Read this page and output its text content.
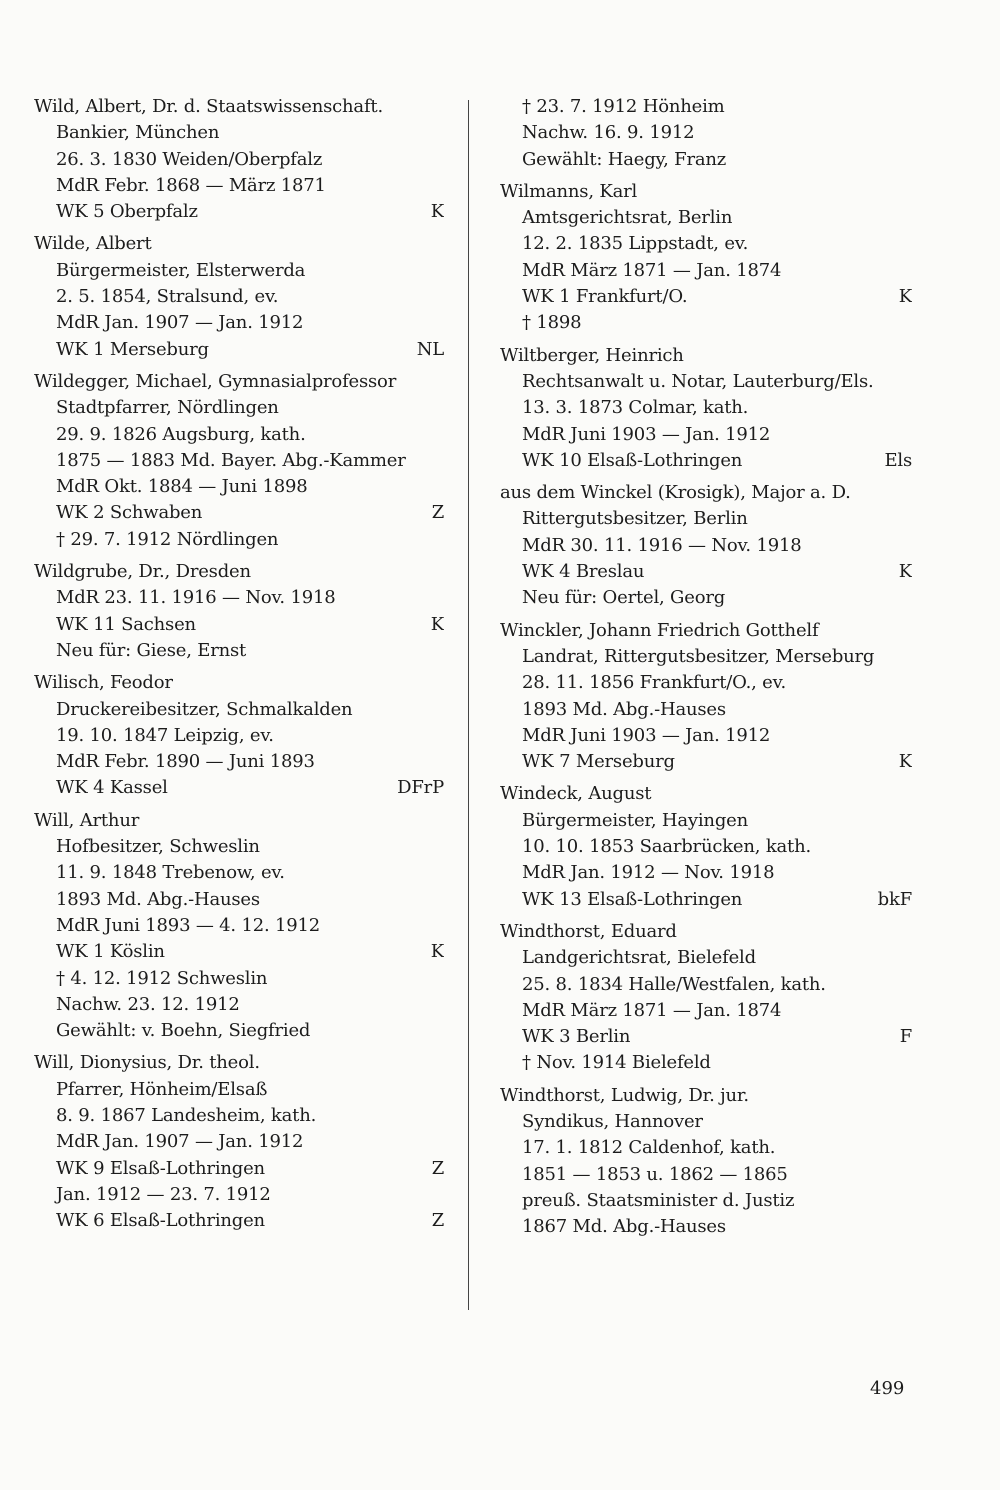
Wild, Albert, Dr. d. Staatswissenschaft.
Bankier, München
26. 3. 1830 Weiden/Oberpfalz
MdR Febr. 1868 — März 1871
WK 5 Oberpfalz	K
Wilde, Albert
Bürgermeister, Elsterwerda
2. 5. 1854, Stralsund, ev.
MdR Jan. 1907 — Jan. 1912
WK 1 Merseburg	NL
Wildegger, Michael, Gymnasialprofessor
Stadtpfarrer, Nördlingen
29. 9. 1826 Augsburg, kath.
1875 — 1883 Md. Bayer. Abg.-Kammer
MdR Okt. 1884 — Juni 1898
WK 2 Schwaben	Z
† 29. 7. 1912 Nördlingen
Wildgrube, Dr., Dresden
MdR 23. 11. 1916 — Nov. 1918
WK 11 Sachsen	K
Neu für: Giese, Ernst
Wilisch, Feodor
Druckereibesitzer, Schmalkalden
19. 10. 1847 Leipzig, ev.
MdR Febr. 1890 — Juni 1893
WK 4 Kassel	DFrP
Will, Arthur
Hofbesitzer, Schweslin
11. 9. 1848 Trebenow, ev.
1893 Md. Abg.-Hauses
MdR Juni 1893 — 4. 12. 1912
WK 1 Köslin	K
† 4. 12. 1912 Schweslin
Nachw. 23. 12. 1912
Gewählt: v. Boehn, Siegfried
Will, Dionysius, Dr. theol.
Pfarrer, Hönheim/Elsaß
8. 9. 1867 Landesheim, kath.
MdR Jan. 1907 — Jan. 1912
WK 9 Elsaß-Lothringen	Z
Jan. 1912 — 23. 7. 1912
WK 6 Elsaß-Lothringen	Z
† 23. 7. 1912 Hönheim
Nachw. 16. 9. 1912
Gewählt: Haegy, Franz
Wilmanns, Karl
Amtsgerichtsrat, Berlin
12. 2. 1835 Lippstadt, ev.
MdR März 1871 — Jan. 1874
WK 1 Frankfurt/O.	K
† 1898
Wiltberger, Heinrich
Rechtsanwalt u. Notar, Lauterburg/Els.
13. 3. 1873 Colmar, kath.
MdR Juni 1903 — Jan. 1912
WK 10 Elsaß-Lothringen	Els
aus dem Winckel (Krosigk), Major a. D.
Rittergutsbesitzer, Berlin
MdR 30. 11. 1916 — Nov. 1918
WK 4 Breslau	K
Neu für: Oertel, Georg
Winckler, Johann Friedrich Gotthelf
Landrat, Rittergutsbesitzer, Merseburg
28. 11. 1856 Frankfurt/O., ev.
1893 Md. Abg.-Hauses
MdR Juni 1903 — Jan. 1912
WK 7 Merseburg	K
Windeck, August
Bürgermeister, Hayingen
10. 10. 1853 Saarbrücken, kath.
MdR Jan. 1912 — Nov. 1918
WK 13 Elsaß-Lothringen	bkF
Windthorst, Eduard
Landgerichtsrat, Bielefeld
25. 8. 1834 Halle/Westfalen, kath.
MdR März 1871 — Jan. 1874
WK 3 Berlin	F
† Nov. 1914 Bielefeld
Windthorst, Ludwig, Dr. jur.
Syndikus, Hannover
17. 1. 1812 Caldenhof, kath.
1851 — 1853 u. 1862 — 1865
preuß. Staatsminister d. Justiz
1867 Md. Abg.-Hauses
499
